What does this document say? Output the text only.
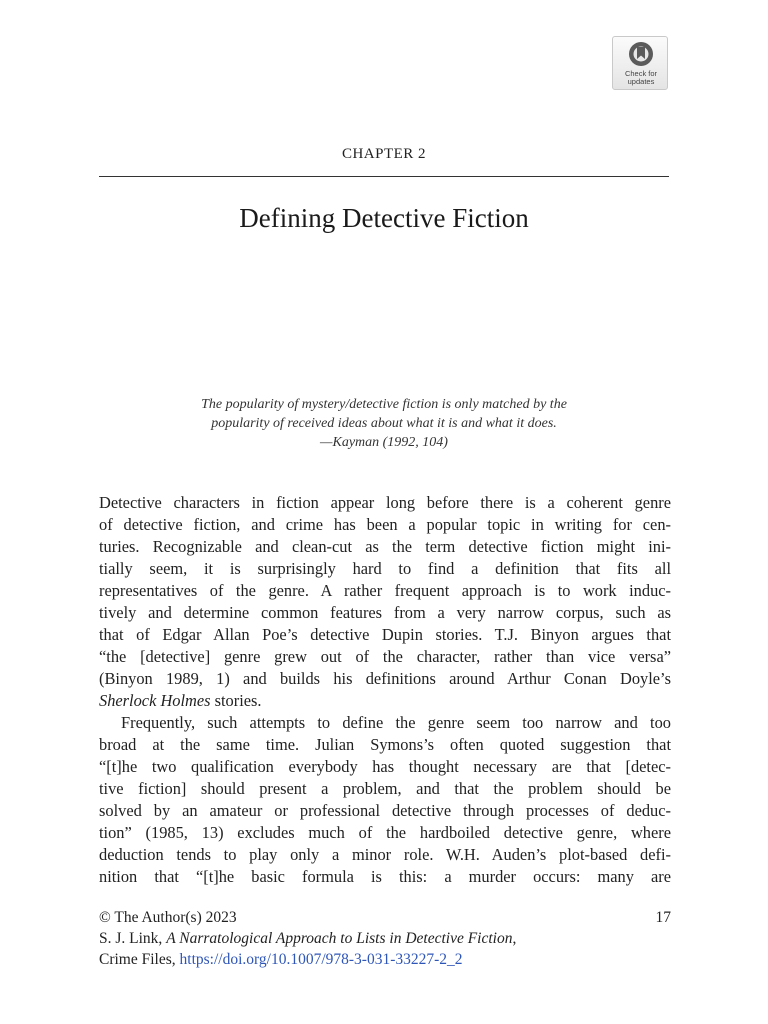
Check for
updates
CHAPTER 2
Defining Detective Fiction
The popularity of mystery/detective fiction is only matched by the
popularity of received ideas about what it is and what it does.
—Kayman (1992, 104)
Detective characters in fiction appear long before there is a coherent genre
of detective fiction, and crime has been a popular topic in writing for cen-
turies. Recognizable and clean-cut as the term detective fiction might ini-
tially seem, it is surprisingly hard to find a definition that fits all
representatives of the genre. A rather frequent approach is to work induc-
tively and determine common features from a very narrow corpus, such as
that of Edgar Allan Poe’s detective Dupin stories. T.J. Binyon argues that
“the [detective] genre grew out of the character, rather than vice versa”
(Binyon 1989, 1) and builds his definitions around Arthur Conan Doyle’s
Sherlock Holmes stories.
Frequently, such attempts to define the genre seem too narrow and too
broad at the same time. Julian Symons’s often quoted suggestion that
“[t]he two qualification everybody has thought necessary are that [detec-
tive fiction] should present a problem, and that the problem should be
solved by an amateur or professional detective through processes of deduc-
tion” (1985, 13) excludes much of the hardboiled detective genre, where
deduction tends to play only a minor role. W.H. Auden’s plot-based defi-
nition that “[t]he basic formula is this: a murder occurs: many are
© The Author(s) 2023	17
S. J. Link, A Narratological Approach to Lists in Detective Fiction,
Crime Files, https://doi.org/10.1007/978-3-031-33227-2_2
